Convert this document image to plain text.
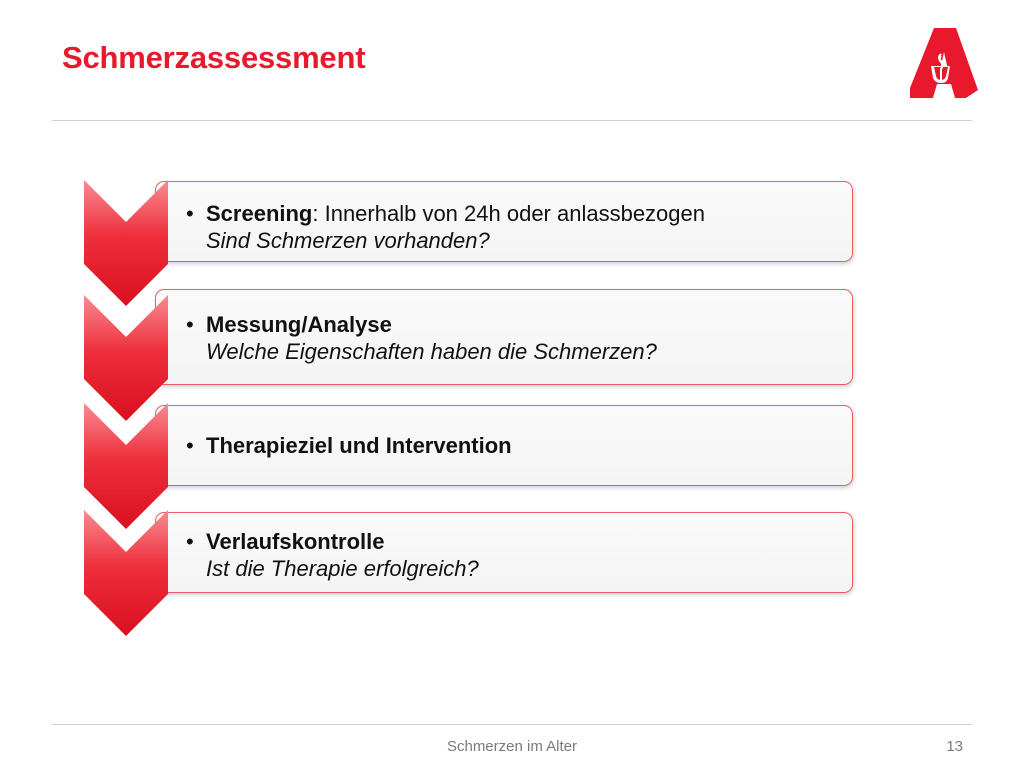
Schmerzassessment
• Screening: Innerhalb von 24h oder anlassbezogen
Sind Schmerzen vorhanden?
• Messung/Analyse
Welche Eigenschaften haben die Schmerzen?
• Therapieziel und Intervention
• Verlaufskontrolle
Ist die Therapie erfolgreich?
Schmerzen im Alter	13
